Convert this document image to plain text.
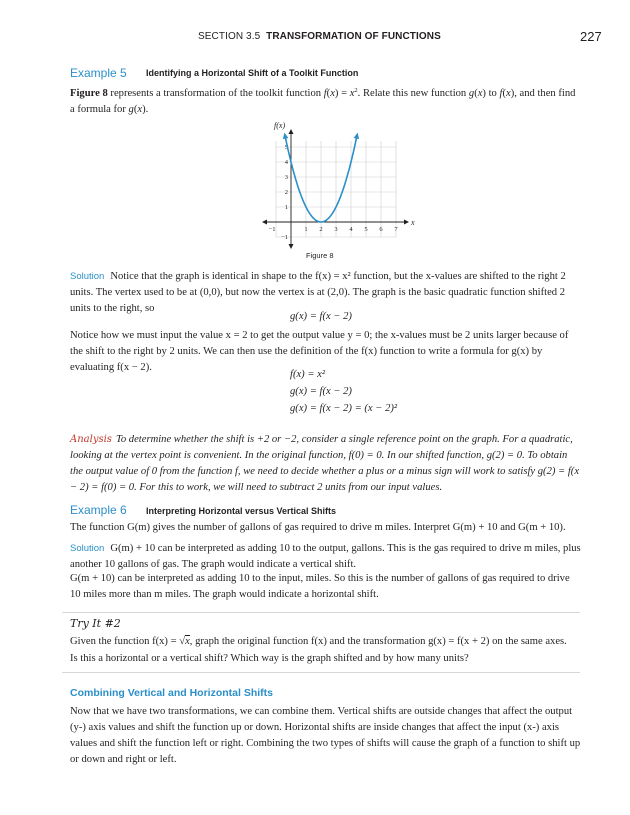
SECTION 3.5 TRANSFORMATION OF FUNCTIONS	227
Example 5 Identifying a Horizontal Shift of a Toolkit Function
Figure 8 represents a transformation of the toolkit function $f(x) = x^2$. Relate this new function g(x) to f(x), and then find a formula for g(x).
−1	1 2 3 4 5 6 7
−1
1
2
3
4
5
f(x)
x
Figure 8
Solution Notice that the graph is identical in shape to the f(x) = x² function, but the x-values are shifted to the right 2 units. The vertex used to be at (0,0), but now the vertex is at (2,0). The graph is the basic quadratic function shifted 2 units to the right, so
g(x) = f(x − 2)
Notice how we must input the value x = 2 to get the output value y = 0; the x-values must be 2 units larger because of the shift to the right by 2 units. We can then use the definition of the f(x) function to write a formula for g(x) by evaluating f(x − 2).
f(x) = x²
g(x) = f(x − 2)
g(x) = f(x − 2) = (x − 2)²
Analysis To determine whether the shift is +2 or −2, consider a single reference point on the graph. For a quadratic, looking at the vertex point is convenient. In the original function, f(0) = 0. In our shifted function, g(2) = 0. To obtain the output value of 0 from the function f, we need to decide whether a plus or a minus sign will work to satisfy g(2) = f(x − 2) = f(0) = 0. For this to work, we will need to subtract 2 units from our input values.
Example 6 Interpreting Horizontal versus Vertical Shifts
The function G(m) gives the number of gallons of gas required to drive m miles. Interpret G(m) + 10 and G(m + 10).
Solution G(m) + 10 can be interpreted as adding 10 to the output, gallons. This is the gas required to drive m miles, plus another 10 gallons of gas. The graph would indicate a vertical shift.
G(m + 10) can be interpreted as adding 10 to the input, miles. So this is the number of gallons of gas required to drive 10 miles more than m miles. The graph would indicate a horizontal shift.
Try It #2
Given the function f(x) = √x, graph the original function f(x) and the transformation g(x) = f(x + 2) on the same axes.
Is this a horizontal or a vertical shift? Which way is the graph shifted and by how many units?
Combining Vertical and Horizontal Shifts
Now that we have two transformations, we can combine them. Vertical shifts are outside changes that affect the output (y-) axis values and shift the function up or down. Horizontal shifts are inside changes that affect the input (x-) axis values and shift the function left or right. Combining the two types of shifts will cause the graph of a function to shift up or down and right or left.
